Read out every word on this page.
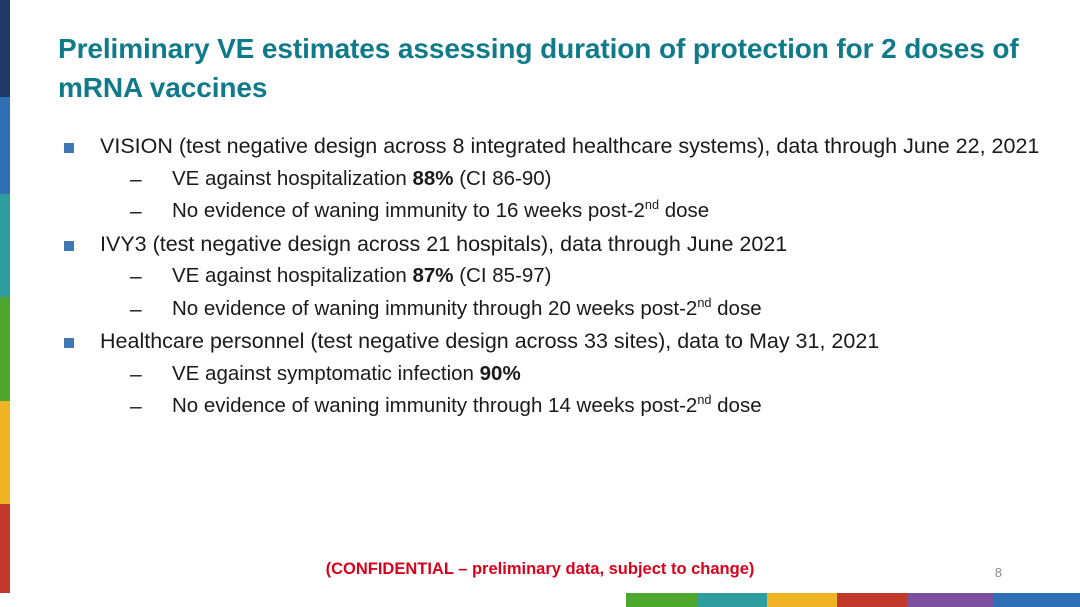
Preliminary VE estimates assessing duration of protection for 2 doses of mRNA vaccines
VISION (test negative design across 8 integrated healthcare systems), data through June 22, 2021
–	VE against hospitalization 88% (CI 86-90)
–	No evidence of waning immunity to 16 weeks post-2nd dose
IVY3 (test negative design across 21 hospitals), data through June 2021
–	VE against hospitalization 87% (CI 85-97)
–	No evidence of waning immunity through 20 weeks post-2nd dose
Healthcare personnel (test negative design across 33 sites), data to May 31, 2021
–	VE against symptomatic infection 90%
–	No evidence of waning immunity through 14 weeks post-2nd dose
(CONFIDENTIAL – preliminary data, subject to change)	8
